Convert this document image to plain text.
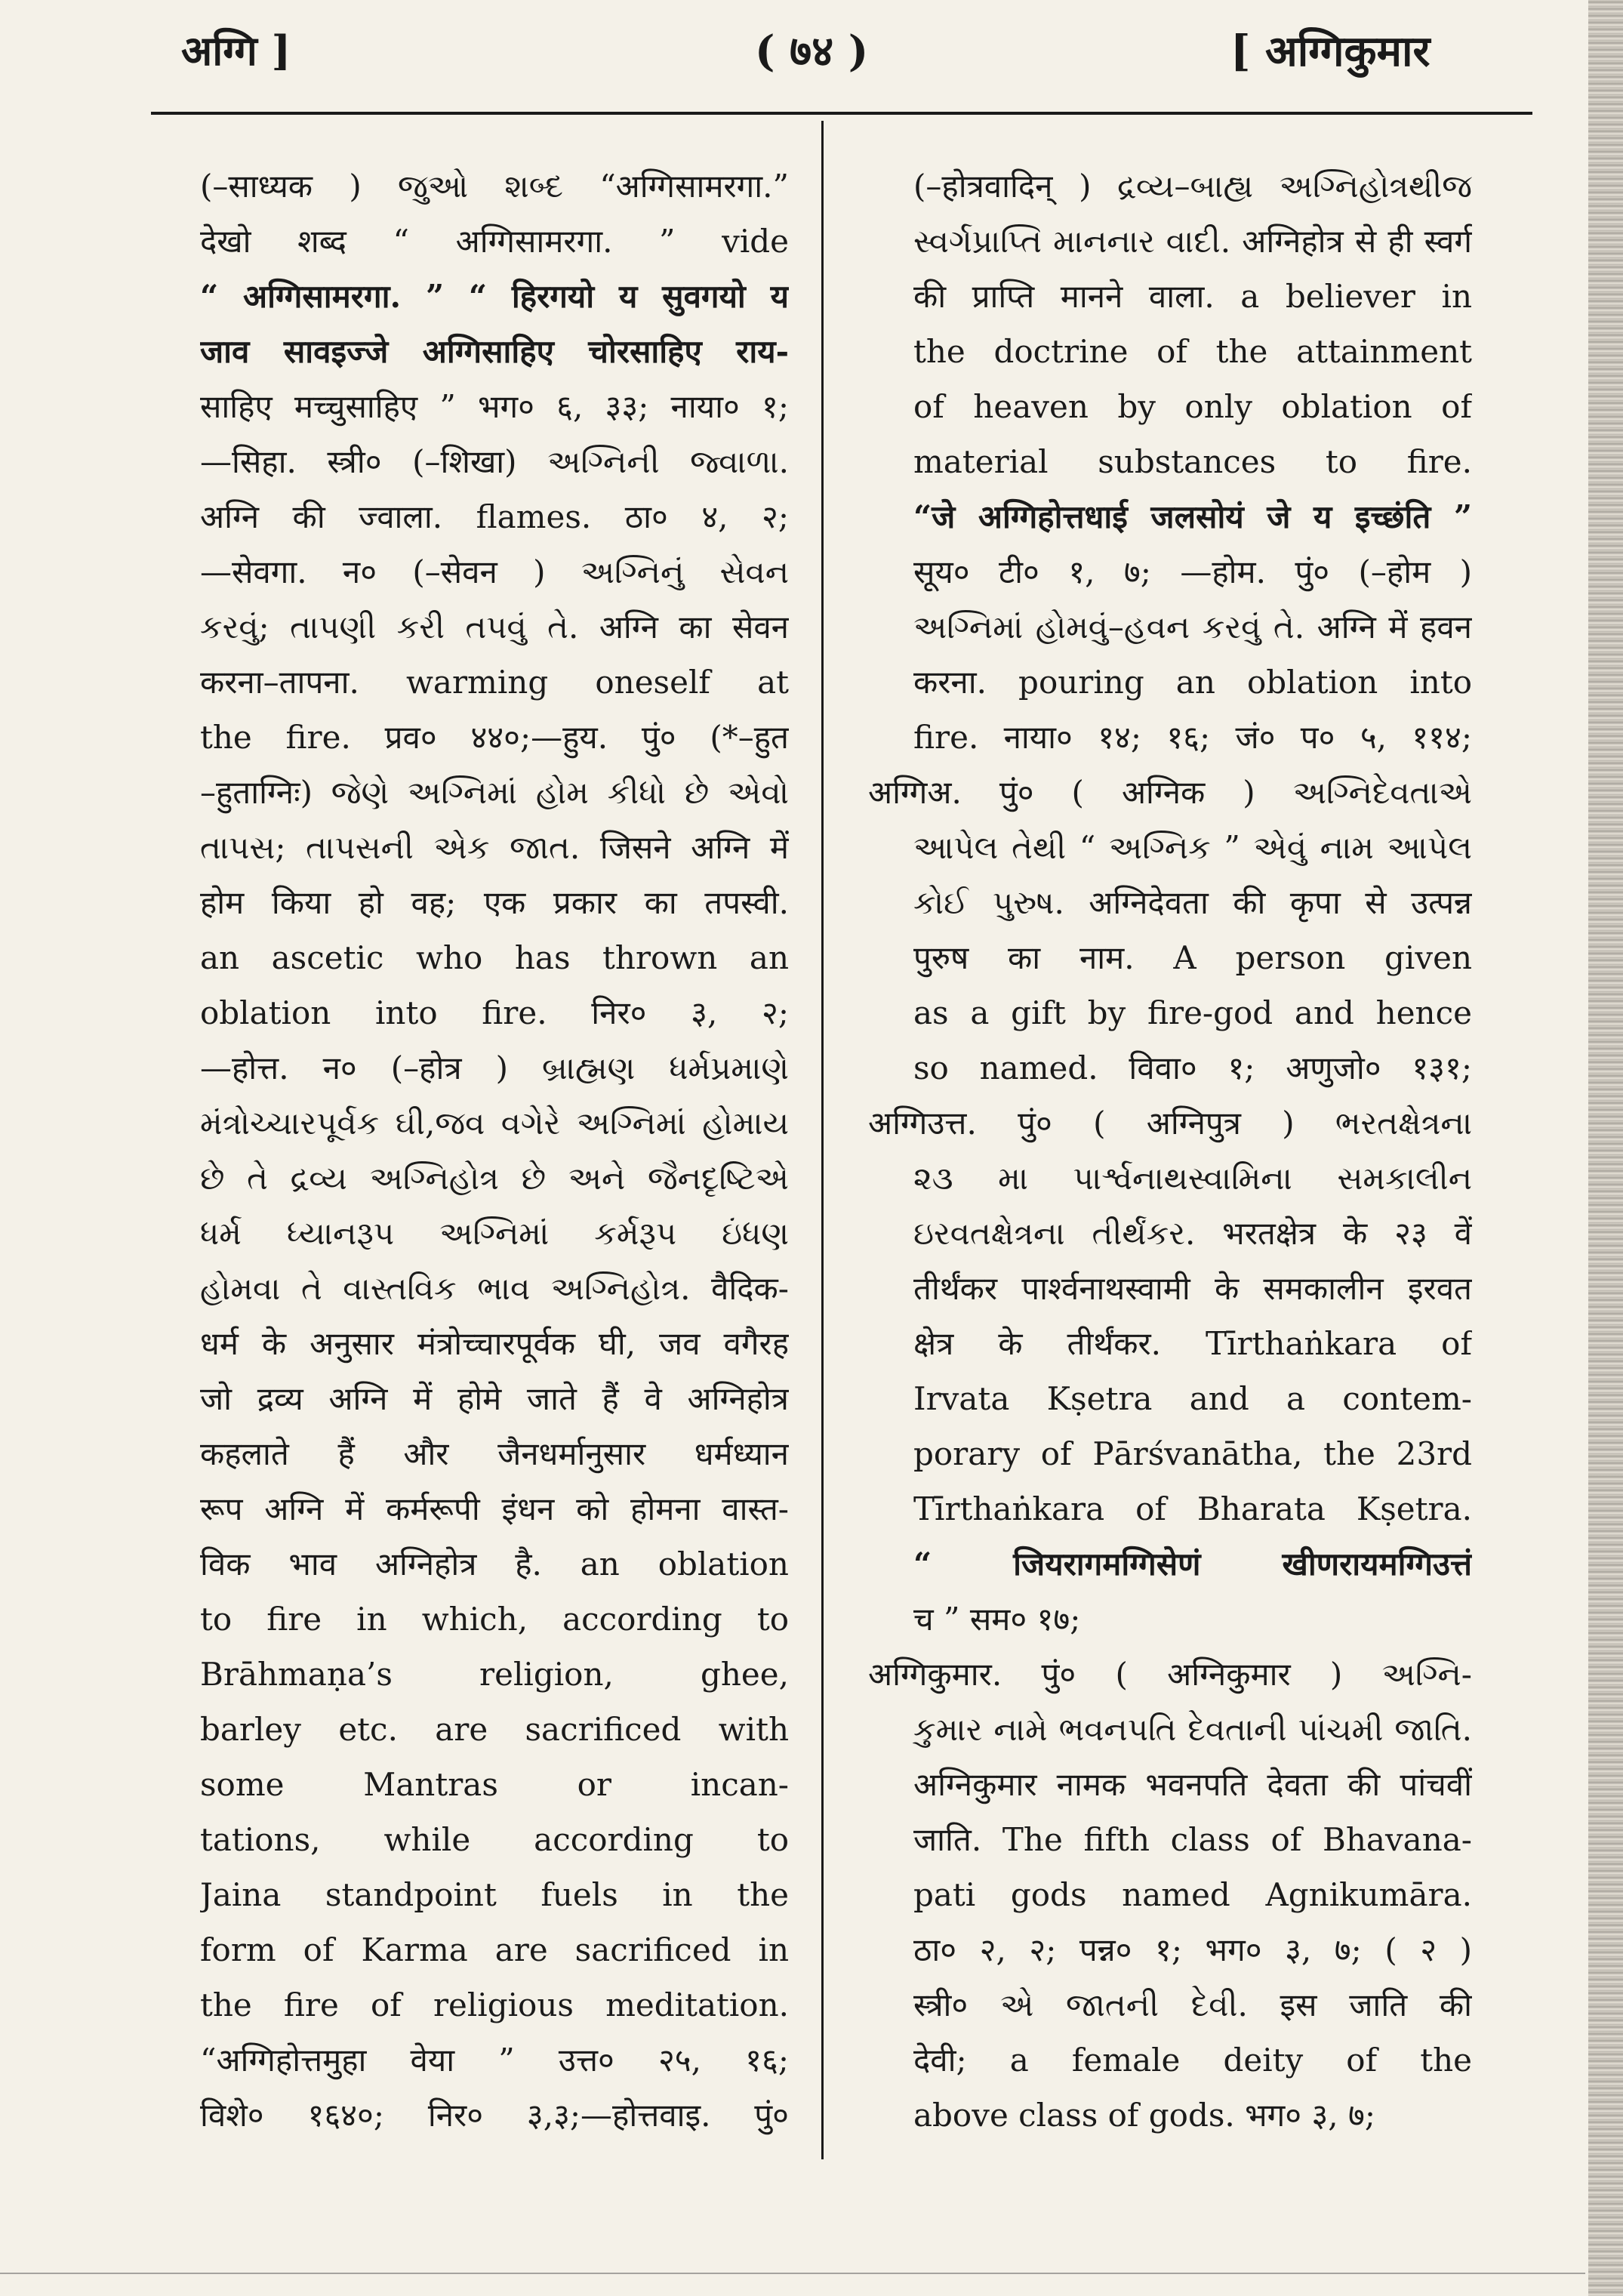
अग्गि ]	( ७४ )	[ अग्गिकुमार
(–साध्यक ) જુઓ શબ્દ “अग्गिसामरगा.”
देखो शब्द “ अग्गिसामरगा. ” vide
“ अग्गिसामरगा. ” “ हिरगयो य सुवगयो य
जाव सावइज्जे अग्गिसाहिए चोरसाहिए राय-
साहिए मच्चुसाहिए ” भग० ६, ३३; नाया० १;
—सिहा. स्त्री० (–शिखा) અગ્નિની જ્વાળા.
अग्नि की ज्वाला. flames. ठा० ४, २;
—सेवगा. न० (–सेवन ) અગ્નિનું સેવન
કરવું; તાપણી કરી તપવું તે. अग्नि का सेवन
करना–तापना. warming oneself at
the fire. प्रव० ४४०;—हुय. पुं० (*–हुत
–हुताग्निः) જેણે અગ્નિમાં હોમ કીધો છે એવો
તાપસ; તાપસની એક જાત. जिसने अग्नि में
होम किया हो वह; एक प्रकार का तपस्वी.
an ascetic who has thrown an
oblation into fire. निर० ३, २;
—होत्त. न० (–होत्र ) બ્રાહ્મણ ધર્મપ્રમાણે
મંત્રોચ્ચારપૂર્વક ઘી,જવ વગેરે અગ્નિમાં હોમાય
છે તે દ્રવ્ય અગ્નિહોત્ર છે અને જૈનદૃષ્ટિએ
ધર્મ ધ્યાનરૂપ અગ્નિમાં કર્મરૂપ ઇંધણ
હોમવા તે વાસ્તવિક ભાવ અગ્નિહોત્ર. वैदिक-
धर्म के अनुसार मंत्रोच्चारपूर्वक घी, जव वगैरह
जो द्रव्य अग्नि में होमे जाते हैं वे अग्निहोत्र
कहलाते हैं और जैनधर्मानुसार धर्मध्यान
रूप अग्नि में कर्मरूपी इंधन को होमना वास्त-
विक भाव अग्निहोत्र है. an oblation
to fire in which, according to
Brāhmaṇa’s religion, ghee,
barley etc. are sacrificed with
some Mantras or incan-
tations, while according to
Jaina standpoint fuels in the
form of Karma are sacrificed in
the fire of religious meditation.
“अग्गिहोत्तमुहा वेया ” उत्त० २५, १६;
विशे० १६४०; निर० ३,३;—होत्तवाइ. पुं०
(–होत्रवादिन् ) દ્રવ્ય–બાહ્ય અગ્નિહોત્રથીજ
સ્વર્ગપ્રાપ્તિ માનનાર વાદી. अग्निहोत्र से ही स्वर्ग
की प्राप्ति मानने वाला. a believer in
the doctrine of the attainment
of heaven by only oblation of
material substances to fire.
“जे अग्गिहोत्तधाई जलसोयं जे य इच्छंति ”
सूय० टी० १, ७; —होम. पुं० (–होम )
અગ્નિમાં હોમવું–હવન કરવું તે. अग्नि में हवन
करना. pouring an oblation into
fire. नाया० १४; १६; जं० प० ५, ११४;
अग्गिअ. पुं० ( अग्निक ) અગ્નિદેવતાએ
આપેલ તેથી “ અગ્નિક ” એવું નામ આપેલ
કોઈ પુરુષ. अग्निदेवता की कृपा से उत्पन्न
पुरुष का नाम. A person given
as a gift by fire-god and hence
so named. विवा० १; अणुजो० १३१;
अग्गिउत्त. पुं० ( अग्निपुत्र ) ભરતક્ષેત્રના
૨૩ મા પાર્શ્વનાથસ્વામિના સમકાલીન
ઇરવતક્ષેત્રના તીર્થંકર. भरतक्षेत्र के २३ वें
तीर्थंकर पार्श्वनाथस्वामी के समकालीन इरवत
क्षेत्र के तीर्थंकर. Tīrthaṅkara of
Irvata Kṣetra and a contem-
porary of Pārśvanātha, the 23rd
Tīrthaṅkara of Bharata Kṣetra.
“ जियरागमग्गिसेणं खीणरायमग्गिउत्तं
च ” सम० १७;
अग्गिकुमार. पुं० ( अग्निकुमार ) અગ્નિ-
કુમાર નામે ભવનપતિ દેવતાની પાંચમી જાતિ.
अग्निकुमार नामक भवनपति देवता की पांचवीं
जाति. The fifth class of Bhavana-
pati gods named Agnikumāra.
ठा० २, २; पन्न० १; भग० ३, ७; ( २ )
स्त्री० એ જાતની દેવી. इस जाति की
देवी; a female deity of the
above class of gods. भग० ३, ७;
